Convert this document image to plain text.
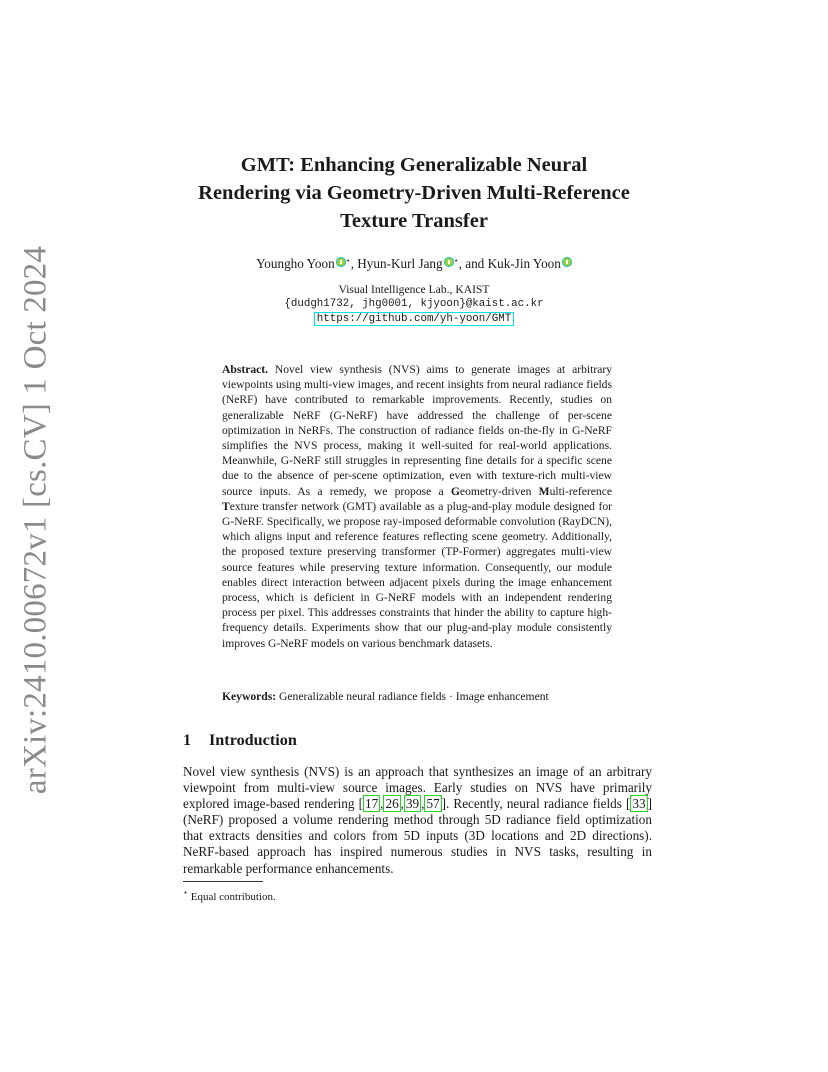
arXiv:2410.00672v1 [cs.CV] 1 Oct 2024
GMT: Enhancing Generalizable Neural
Rendering via Geometry-Driven Multi-Reference
Texture Transfer
Youngho Yoon ⋆, Hyun-Kurl Jang ⋆, and Kuk-Jin Yoon
Visual Intelligence Lab., KAIST
{dudgh1732, jhg0001, kjyoon}@kaist.ac.kr
https://github.com/yh-yoon/GMT
Abstract. Novel view synthesis (NVS) aims to generate images at arbitrary viewpoints using multi-view images, and recent insights from neural radiance fields (NeRF) have contributed to remarkable improvements. Recently, studies on generalizable NeRF (G-NeRF) have addressed the challenge of per-scene optimization in NeRFs. The construction of radiance fields on-the-fly in G-NeRF simplifies the NVS process, making it well-suited for real-world applications. Meanwhile, G-NeRF still struggles in representing fine details for a specific scene due to the absence of per-scene optimization, even with texture-rich multi-view source inputs. As a remedy, we propose a Geometry-driven Multi-reference Texture transfer network (GMT) available as a plug-and-play module designed for G-NeRF. Specifically, we propose ray-imposed deformable convolution (RayDCN), which aligns input and reference features reflecting scene geometry. Additionally, the proposed texture preserving transformer (TP-Former) aggregates multi-view source features while preserving texture information. Consequently, our module enables direct interaction between adjacent pixels during the image enhancement process, which is deficient in G-NeRF models with an independent rendering process per pixel. This addresses constraints that hinder the ability to capture high-frequency details. Experiments show that our plug-and-play module consistently improves G-NeRF models on various benchmark datasets.
Keywords: Generalizable neural radiance fields · Image enhancement
1 Introduction
Novel view synthesis (NVS) is an approach that synthesizes an image of an arbitrary viewpoint from multi-view source images. Early studies on NVS have primarily explored image-based rendering [ 17 , 26 , 39 , 57 ]. Recently, neural radiance fields [ 33 ] (NeRF) proposed a volume rendering method through 5D radiance field optimization that extracts densities and colors from 5D inputs (3D locations and 2D directions). NeRF-based approach has inspired numerous studies in NVS tasks, resulting in remarkable performance enhancements.
⋆ Equal contribution.
